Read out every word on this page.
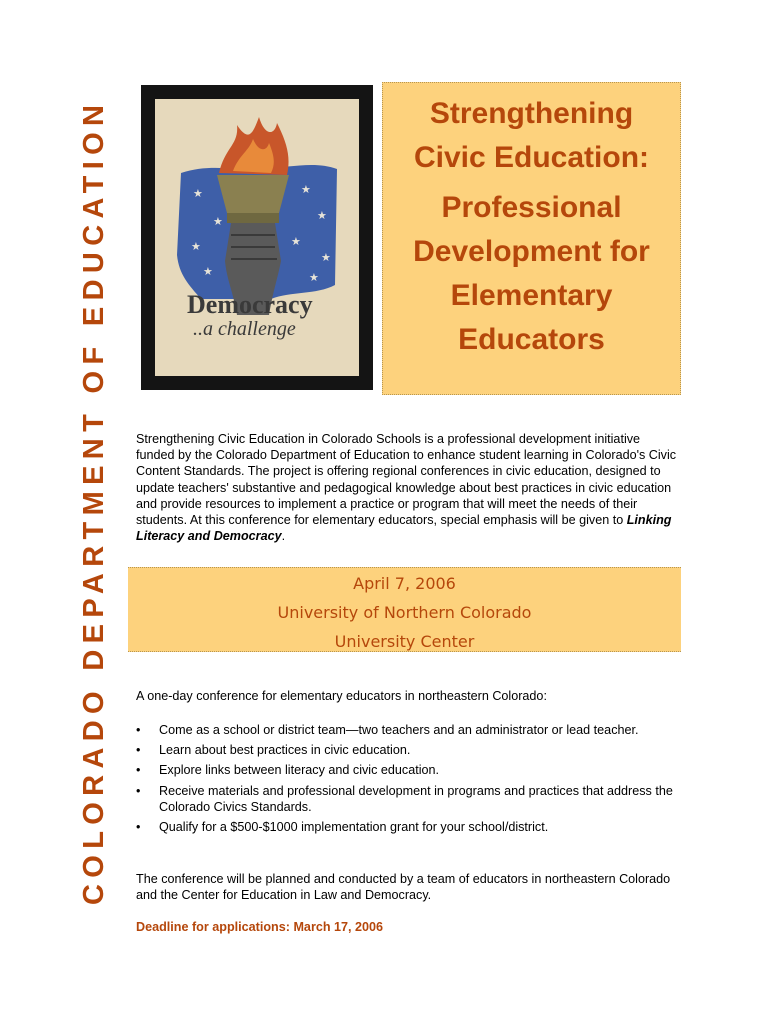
COLORADO DEPARTMENT OF EDUCATION
★
★
★
★
★
★
★
★	★
Democracy
..a challenge
Strengthening
Civic Education:
Professional
Development for
Elementary
Educators

Strengthening Civic Education in Colorado Schools is a professional development initiative funded by the Colorado Department of Education to enhance student learning in Colorado's Civic Content Standards. The project is offering regional conferences in civic education, designed to update teachers' substantive and pedagogical knowledge about best practices in civic education and provide resources to implement a practice or program that will meet the needs of their students. At this conference for elementary educators, special emphasis will be given to Linking Literacy and Democracy.

April 7, 2006
University of Northern Colorado
University Center

A one-day conference for elementary educators in northeastern Colorado:

• Come as a school or district team—two teachers and an administrator or lead teacher.
• Learn about best practices in civic education.
• Explore links between literacy and civic education.
• Receive materials and professional development in programs and practices that address the Colorado Civics Standards.
• Qualify for a $500-$1000 implementation grant for your school/district.

The conference will be planned and conducted by a team of educators in northeastern Colorado and the Center for Education in Law and Democracy.

Deadline for applications: March 17, 2006
